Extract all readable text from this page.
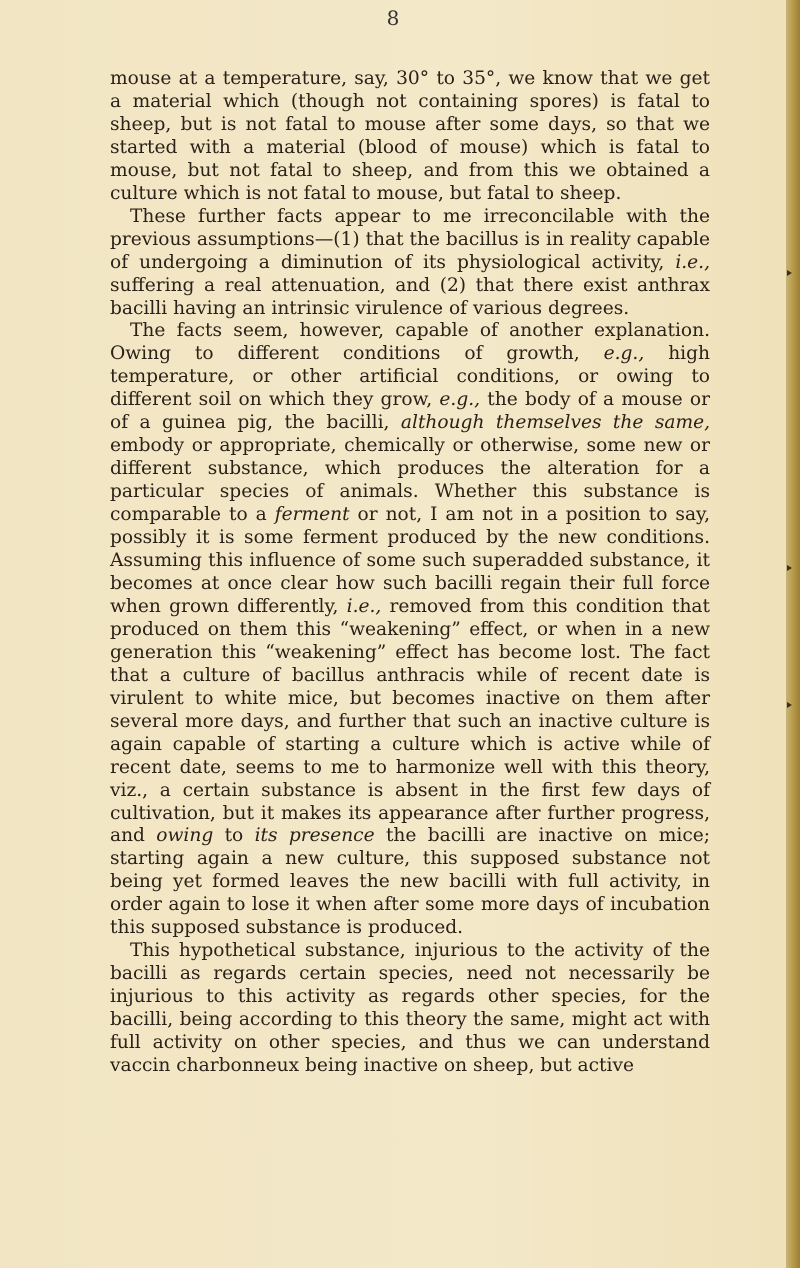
8

mouse at a temperature, say, 30° to 35°, we know that we get a material which (though not containing spores) is fatal to sheep, but is not fatal to mouse after some days, so that we started with a material (blood of mouse) which is fatal to mouse, but not fatal to sheep, and from this we obtained a culture which is not fatal to mouse, but fatal to sheep.

These further facts appear to me irreconcilable with the previous assumptions—(1) that the bacillus is in reality capable of undergoing a diminution of its physiological activity, i.e., suffering a real attenuation, and (2) that there exist anthrax bacilli having an intrinsic virulence of various degrees.

The facts seem, however, capable of another explanation. Owing to different conditions of growth, e.g., high temperature, or other artificial conditions, or owing to different soil on which they grow, e.g., the body of a mouse or of a guinea pig, the bacilli, although themselves the same, embody or appropriate, chemically or otherwise, some new or different substance, which produces the alteration for a particular species of animals. Whether this substance is comparable to a ferment or not, I am not in a position to say, possibly it is some ferment produced by the new conditions. Assuming this influence of some such superadded substance, it becomes at once clear how such bacilli regain their full force when grown differently, i.e., removed from this condition that produced on them this “weakening” effect, or when in a new generation this “weakening” effect has become lost. The fact that a culture of bacillus anthracis while of recent date is virulent to white mice, but becomes inactive on them after several more days, and further that such an inactive culture is again capable of starting a culture which is active while of recent date, seems to me to harmonize well with this theory, viz., a certain substance is absent in the first few days of cultivation, but it makes its appearance after further progress, and owing to its presence the bacilli are inactive on mice; starting again a new culture, this supposed substance not being yet formed leaves the new bacilli with full activity, in order again to lose it when after some more days of incubation this supposed substance is produced.

This hypothetical substance, injurious to the activity of the bacilli as regards certain species, need not necessarily be injurious to this activity as regards other species, for the bacilli, being according to this theory the same, might act with full activity on other species, and thus we can understand vaccin charbonneux being inactive on sheep, but active
